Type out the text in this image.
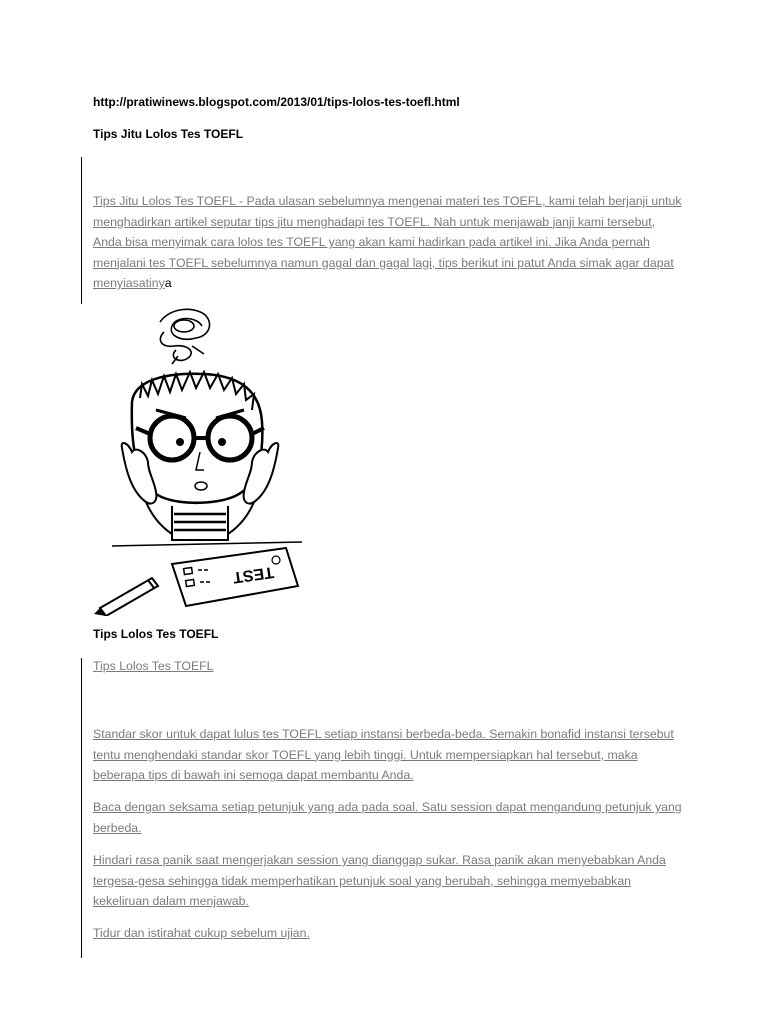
http://pratiwinews.blogspot.com/2013/01/tips-lolos-tes-toefl.html
Tips Jitu Lolos Tes TOEFL
Tips Jitu Lolos Tes TOEFL - Pada ulasan sebelumnya mengenai materi tes TOEFL, kami telah berjanji untuk menghadirkan artikel seputar tips jitu menghadapi tes TOEFL. Nah untuk menjawab janji kami tersebut, Anda bisa menyimak cara lolos tes TOEFL yang akan kami hadirkan pada artikel ini. Jika Anda pernah menjalani tes TOEFL sebelumnya namun gagal dan gagal lagi, tips berikut ini patut Anda simak agar dapat menyiasatinya
TEST
Tips Lolos Tes TOEFL
Tips Lolos Tes TOEFL
Standar skor untuk dapat lulus tes TOEFL setiap instansi berbeda-beda. Semakin bonafid instansi tersebut tentu menghendaki standar skor TOEFL yang lebih tinggi. Untuk mempersiapkan hal tersebut, maka beberapa tips di bawah ini semoga dapat membantu Anda.
Baca dengan seksama setiap petunjuk yang ada pada soal. Satu session dapat mengandung petunjuk yang berbeda.
Hindari rasa panik saat mengerjakan session yang dianggap sukar. Rasa panik akan menyebabkan Anda tergesa-gesa sehingga tidak memperhatikan petunjuk soal yang berubah, sehingga memyebabkan kekeliruan dalam menjawab.
Tidur dan istirahat cukup sebelum ujian.
